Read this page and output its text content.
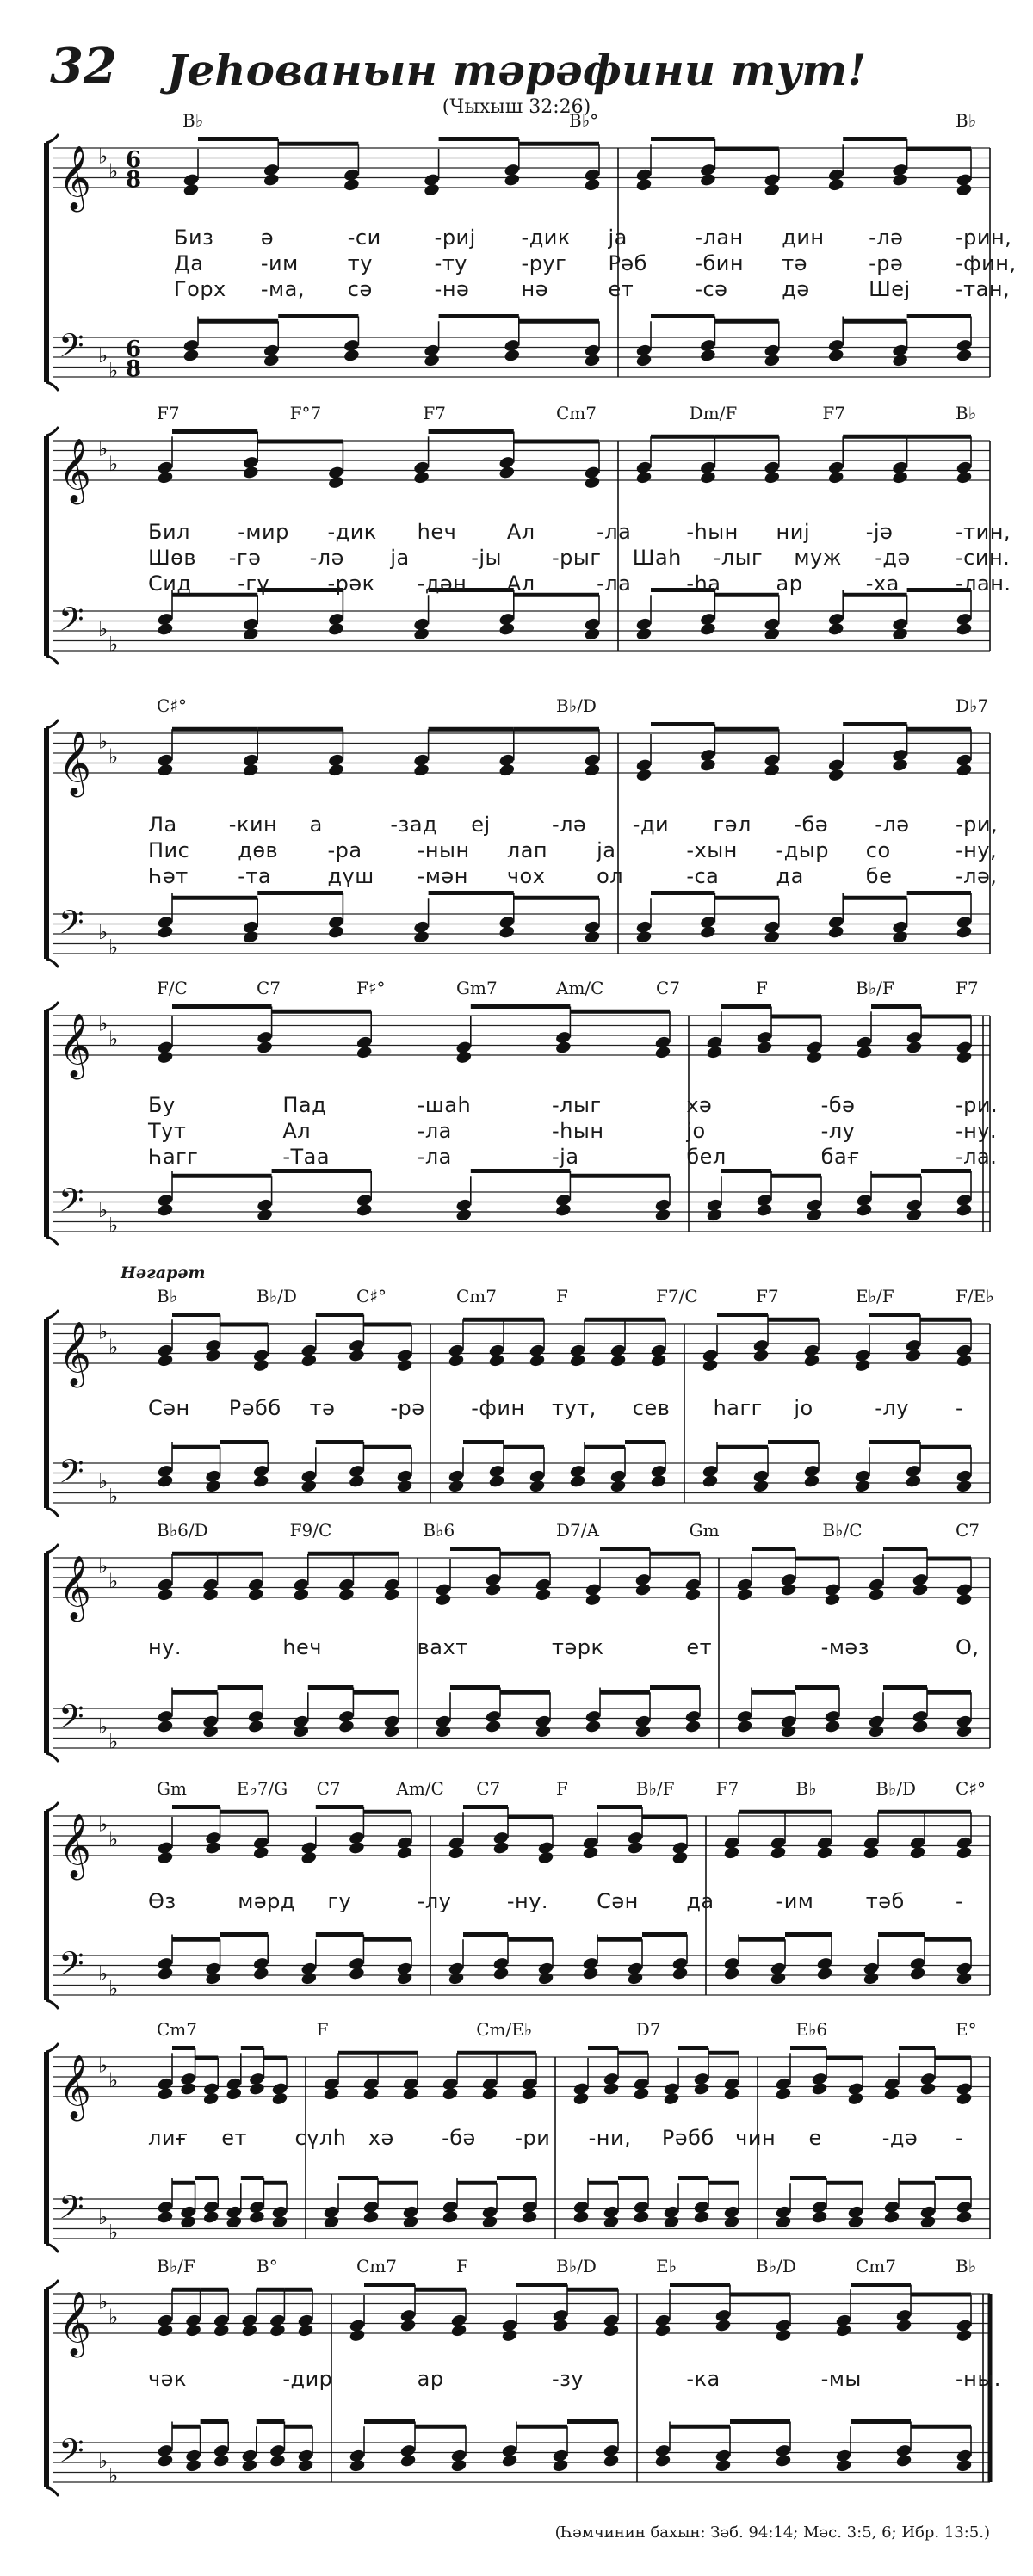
32	Јеһованын тәрәфини тут!
(Чыхыш 32:26)
𝄞 ♭
♭
𝄢 ♭
♭
6
6
8
8
B♭	B♭°	B♭
Биз ә	-си	-риј -дик ја	-лан дин -лә	-рин,
Да	-им ту	-ту	-руг Рәб -бин тә	-рә	-фин,
Горх -ма, сә	-нә	нә	ет	-сә	дә	Шеј -тан,
𝄞 ♭
♭
𝄢 ♭
♭
F7	F°7	F7	Cm7	Dm/F	F7	B♭
Бил -мир -дик һеч Ал	-ла	-һын ниј	-јә	-тин,
Шөв -гә -лә ја	-јы -рыг Шаһ -лыг муж -дә -син.
Сид -гү	-рәк -дән Ал	-ла	-һа	ар	-ха	-лан.
𝄞 ♭
♭
𝄢 ♭
♭
C♯°	B♭/D	D♭7
Ла	-кин а	-зад еј	-лә -ди гәл -бә -лә -ри,
Пис дөв -ра	-нын лап ја	-хын -дыр со	-ну,
Һәт -та	дүш -мән чох ол	-са	да	бе	-лә,
𝄞 ♭
♭
𝄢 ♭
♭
F/C	C7	F♯°	Gm7	Am/C	C7	F	B♭/F	F7
Бу	Пад	-шаһ	-лыг	хә	-бә	-ри.
Тут	Ал	-ла	-һын	јо	-лу	-ну.
Һагг	-Таа	-ла	-ја	бел	бағ	-ла.
𝄞 ♭
♭
𝄢 ♭
♭
B♭	B♭/D	C♯°	Cm7	F	F7/C	F7	E♭/F	F/E♭
Нәгарәт
Сән Рәбб тә	-рә -фин тут, сев һагг јо	-лу -
𝄞 ♭
♭
𝄢 ♭
♭
B♭6/D	F9/C	B♭6	D7/A	Gm	B♭/C	C7
ну.	һеч	вахт	тәрк	ет	-мәз	О,
𝄞 ♭
♭
𝄢 ♭
♭
Gm	E♭7/G C7	Am/C C7	F	B♭/F F7	B♭	B♭/D C♯°
Өз	мәрд гу	-лу	-ну. Сән да	-им	тәб -
𝄞 ♭
♭
𝄢 ♭
♭
Cm7	F	Cm/E♭	D7	E♭6	E°
лиғ ет сүлһ хә -бә -ри -ни, Рәбб чин е	-дә -
𝄞 ♭
♭
𝄢 ♭
♭
B♭/F	B°	Cm7	F	B♭/D	E♭	B♭/D	Cm7	B♭
чәк	-дир	ар	-зу	-ка	-мы	-ны.
(Һәмчинин бахын: Зәб. 94:14; Мәс. 3:5, 6; Ибр. 13:5.)
